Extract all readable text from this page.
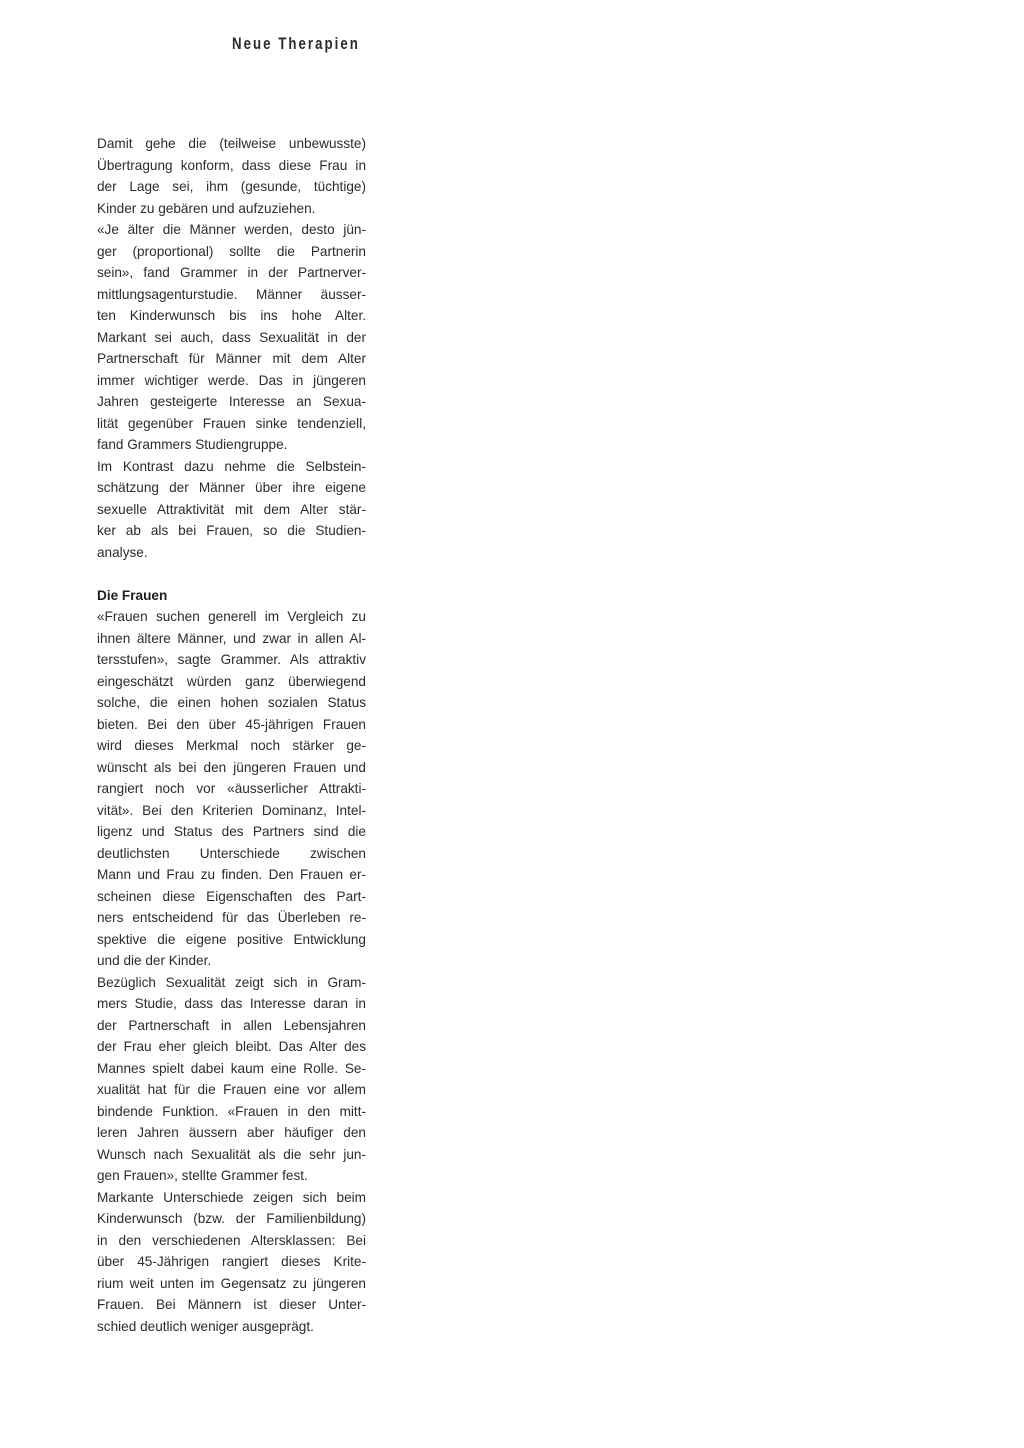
Neue Therapien
Damit gehe die (teilweise unbewusste)
Übertragung konform, dass diese Frau in
der Lage sei, ihm (gesunde, tüchtige)
Kinder zu gebären und aufzuziehen.
«Je älter die Männer werden, desto jün-
ger (proportional) sollte die Partnerin
sein», fand Grammer in der Partnerver-
mittlungsagenturstudie. Männer äusser-
ten Kinderwunsch bis ins hohe Alter.
Markant sei auch, dass Sexualität in der
Partnerschaft für Männer mit dem Alter
immer wichtiger werde. Das in jüngeren
Jahren gesteigerte Interesse an Sexua-
lität gegenüber Frauen sinke tendenziell,
fand Grammers Studiengruppe.
Im Kontrast dazu nehme die Selbstein-
schätzung der Männer über ihre eigene
sexuelle Attraktivität mit dem Alter stär-
ker ab als bei Frauen, so die Studien-
analyse.
Die Frauen
«Frauen suchen generell im Vergleich zu
ihnen ältere Männer, und zwar in allen Al-
tersstufen», sagte Grammer. Als attraktiv
eingeschätzt würden ganz überwiegend
solche, die einen hohen sozialen Status
bieten. Bei den über 45-jährigen Frauen
wird dieses Merkmal noch stärker ge-
wünscht als bei den jüngeren Frauen und
rangiert noch vor «äusserlicher Attrakti-
vität». Bei den Kriterien Dominanz, Intel-
ligenz und Status des Partners sind die
deutlichsten Unterschiede zwischen
Mann und Frau zu finden. Den Frauen er-
scheinen diese Eigenschaften des Part-
ners entscheidend für das Überleben re-
spektive die eigene positive Entwicklung
und die der Kinder.
Bezüglich Sexualität zeigt sich in Gram-
mers Studie, dass das Interesse daran in
der Partnerschaft in allen Lebensjahren
der Frau eher gleich bleibt. Das Alter des
Mannes spielt dabei kaum eine Rolle. Se-
xualität hat für die Frauen eine vor allem
bindende Funktion. «Frauen in den mitt-
leren Jahren äussern aber häufiger den
Wunsch nach Sexualität als die sehr jun-
gen Frauen», stellte Grammer fest.
Markante Unterschiede zeigen sich beim
Kinderwunsch (bzw. der Familienbildung)
in den verschiedenen Altersklassen: Bei
über 45-Jährigen rangiert dieses Krite-
rium weit unten im Gegensatz zu jüngeren
Frauen. Bei Männern ist dieser Unter-
schied deutlich weniger ausgeprägt.
